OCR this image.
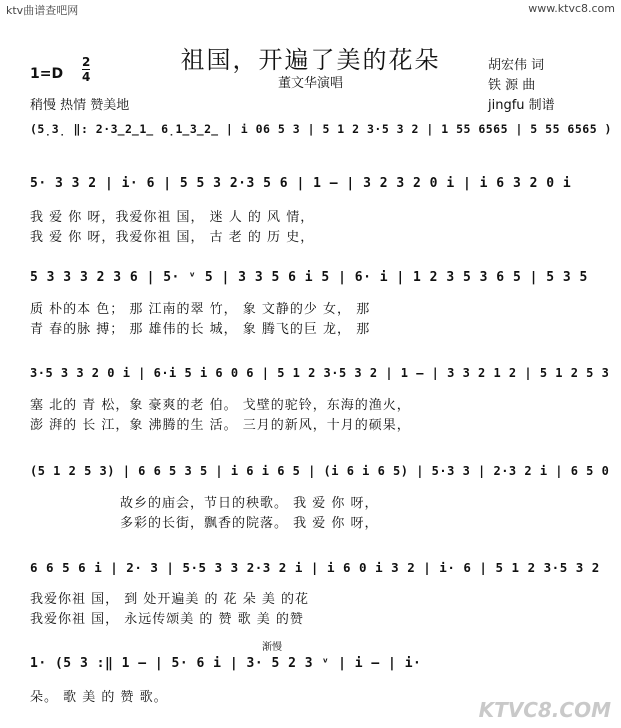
ktv曲谱查吧网	www.ktvc8.com
祖国，开遍了美的花朵
董文华演唱
1=D
2
4
稍慢 热情 赞美地
胡宏伟 词
铁 源 曲
jingfu 制谱
(5̣3̣ ‖: 2·3̲2̲1̲ 6̣1̲3̲2̲ | i 06 5 3 | 5 1 2 3·5 3 2 | 1 55 6565 | 5 55 6565 )
5· 3 3 2 | i· 6 | 5 5 3 2·3 5 6 | 1 – | 3 2 3 2 0 i | i 6 3 2 0 i
我 爱 你 呀，我爱你祖 国， 迷 人 的 风 情，
我 爱 你 呀，我爱你祖 国， 古 老 的 历 史，
5 3 3 3 2 3 6 | 5· ᵛ 5 | 3 3 5 6 i 5 | 6· i | 1 2 3 5 3 6 5 | 5 3 5
质 朴的本 色； 那 江南的翠 竹， 象 文静的少 女， 那
青 春的脉 搏； 那 雄伟的长 城， 象 腾飞的巨 龙， 那
3·5 3 3 2 0 i | 6·i 5 i 6 0 6 | 5 1 2 3·5 3 2 | 1 – | 3 3 2 1 2 | 5 1 2 5 3
塞 北的 青 松，象 豪爽的老 伯。 戈壁的驼铃，东海的渔火，
澎 湃的 长 江，象 沸腾的生 活。 三月的新风，十月的硕果，
(5 1 2 5 3) | 6 6 5 3 5 | i 6 i 6 5 | (i 6 i 6 5) | 5·3 3 | 2·3 2 i | 6 5 0
故乡的庙会，节日的秧歌。 我 爱 你 呀，
多彩的长街，飘香的院落。 我 爱 你 呀，
6 6 5 6 i | 2· 3 | 5·5 3 3 2·3 2 i | i 6 0 i 3 2 | i· 6 | 5 1 2 3·5 3 2
我爱你祖 国， 到 处开遍美 的 花 朵 美 的花
我爱你祖 国， 永远传颂美 的 赞 歌 美 的赞
渐慢
1· (5 3 :‖ 1 – | 5· 6 i | 3· 5 2 3 ᵛ | i – | i·
朵。 歌 美 的 赞 歌。
KTVC8.COM
